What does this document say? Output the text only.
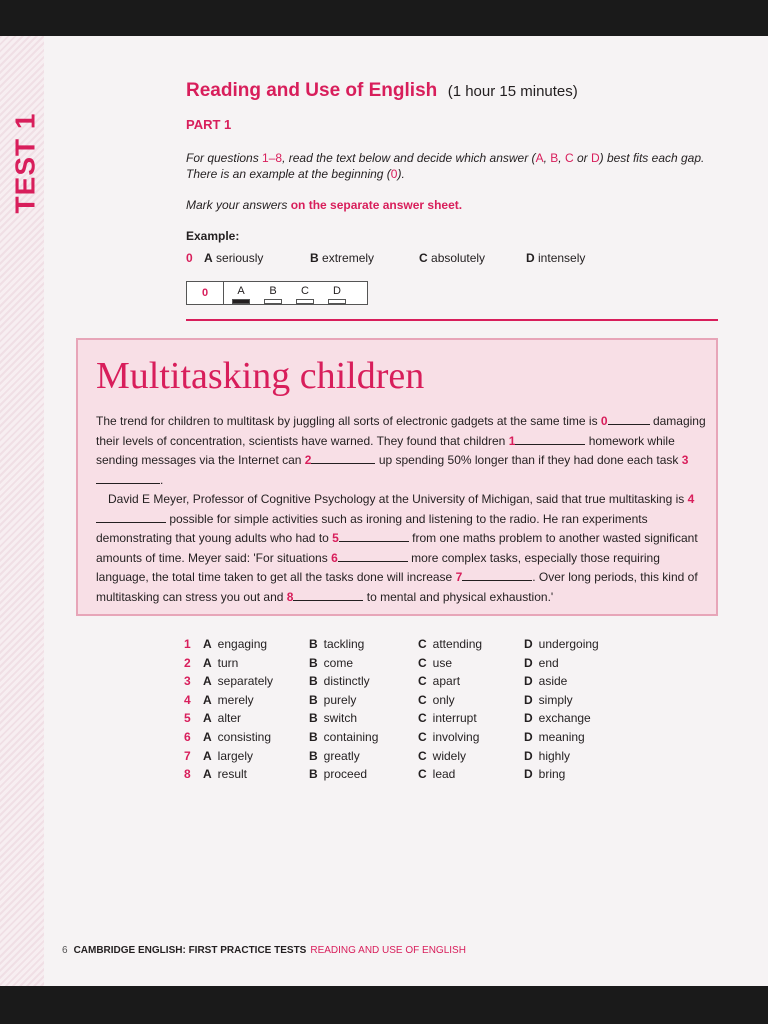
TEST 1
Reading and Use of English (1 hour 15 minutes)
PART 1
For questions 1–8, read the text below and decide which answer (A, B, C or D) best fits each gap. There is an example at the beginning (0).
Mark your answers on the separate answer sheet.
Example:
0 A seriously	B extremely	C absolutely	D intensely
0	A	B	C	D
Multitasking children

The trend for children to multitask by juggling all sorts of electronic gadgets at the same time is 0	damaging their levels of concentration, scientists have warned. They found that children 1	homework while sending messages via the Internet can 2	up spending 50% longer than if they had done each task 3.

David E Meyer, Professor of Cognitive Psychology at the University of Michigan, said that true multitasking is 4 possible for simple activities such as ironing and listening to the radio. He ran experiments demonstrating that young adults who had to 5	from one maths problem to another wasted significant amounts of time. Meyer said: 'For situations 6	more complex tasks, especially those requiring language, the total time taken to get all the tasks done will increase 7	. Over long periods, this kind of multitasking can stress you out and 8	to mental and physical exhaustion.'

1 A engaging	B tackling	C attending	D undergoing
2 A turn	B come	C use	D end
3 A separately	B distinctly	C apart	D aside
4 A merely	B purely	C only	D simply
5 A alter	B switch	C interrupt	D exchange
6 A consisting	B containing	C involving	D meaning
7 A largely	B greatly	C widely	D highly
8 A result	B proceed	C lead	D bring
6 CAMBRIDGE ENGLISH: FIRST PRACTICE TESTS READING AND USE OF ENGLISH
